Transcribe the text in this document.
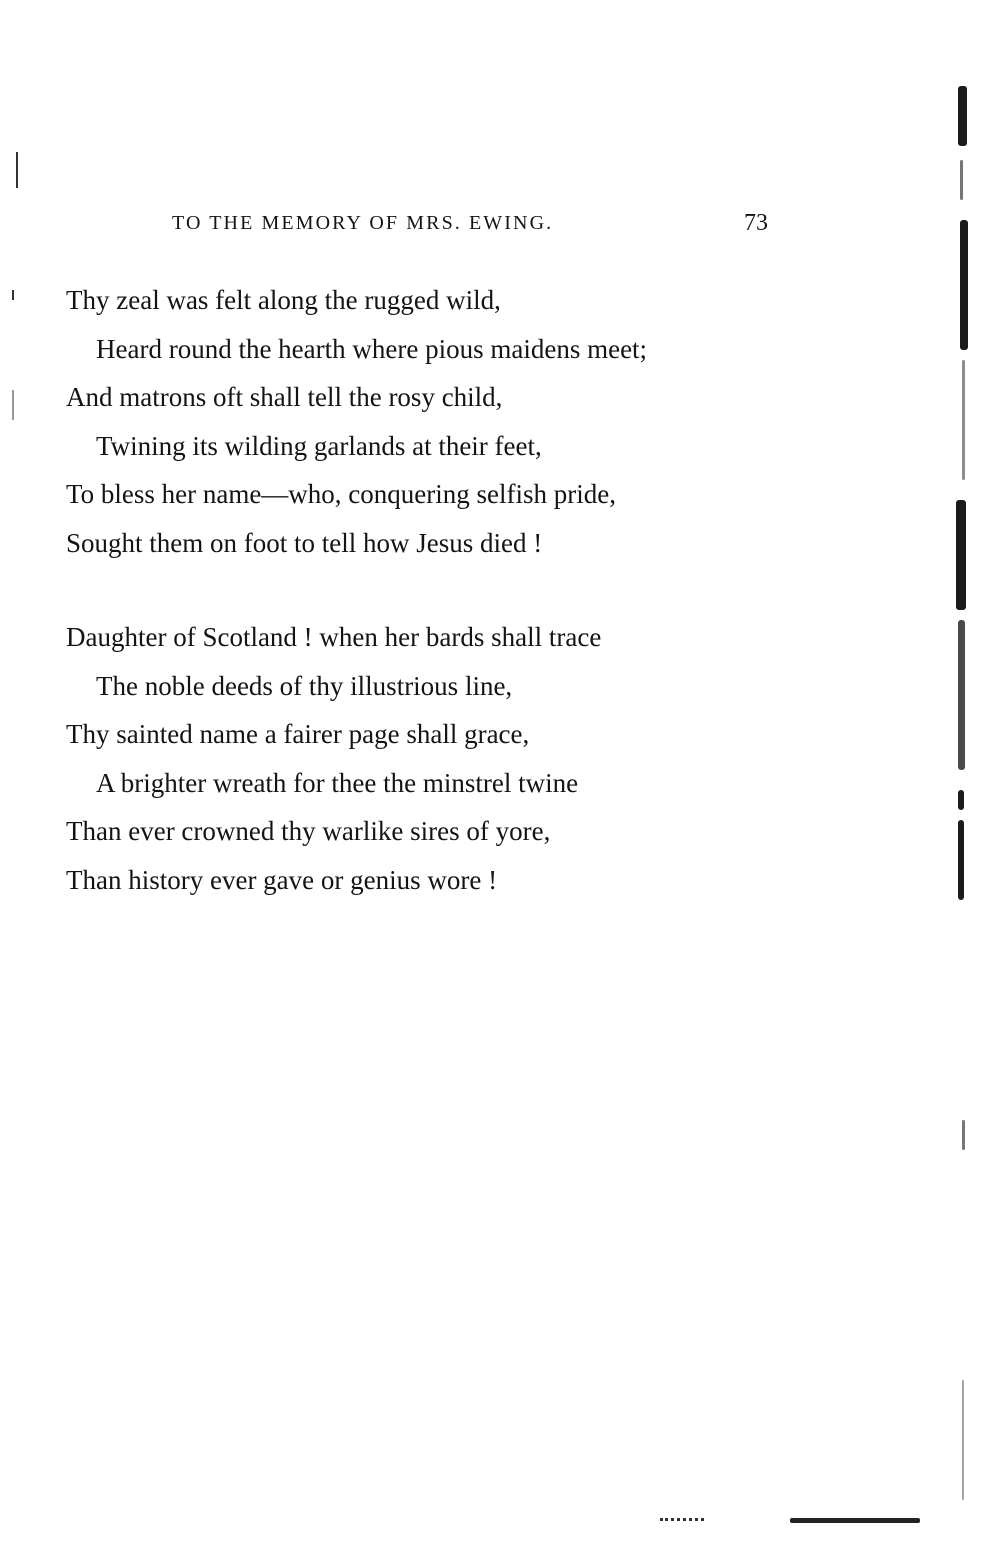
TO THE MEMORY OF MRS. EWING.	73
Thy zeal was felt along the rugged wild,
Heard round the hearth where pious maidens meet;
And matrons oft shall tell the rosy child,
Twining its wilding garlands at their feet,
To bless her name—who, conquering selfish pride,
Sought them on foot to tell how Jesus died !
Daughter of Scotland ! when her bards shall trace
The noble deeds of thy illustrious line,
Thy sainted name a fairer page shall grace,
A brighter wreath for thee the minstrel twine
Than ever crowned thy warlike sires of yore,
Than history ever gave or genius wore !
